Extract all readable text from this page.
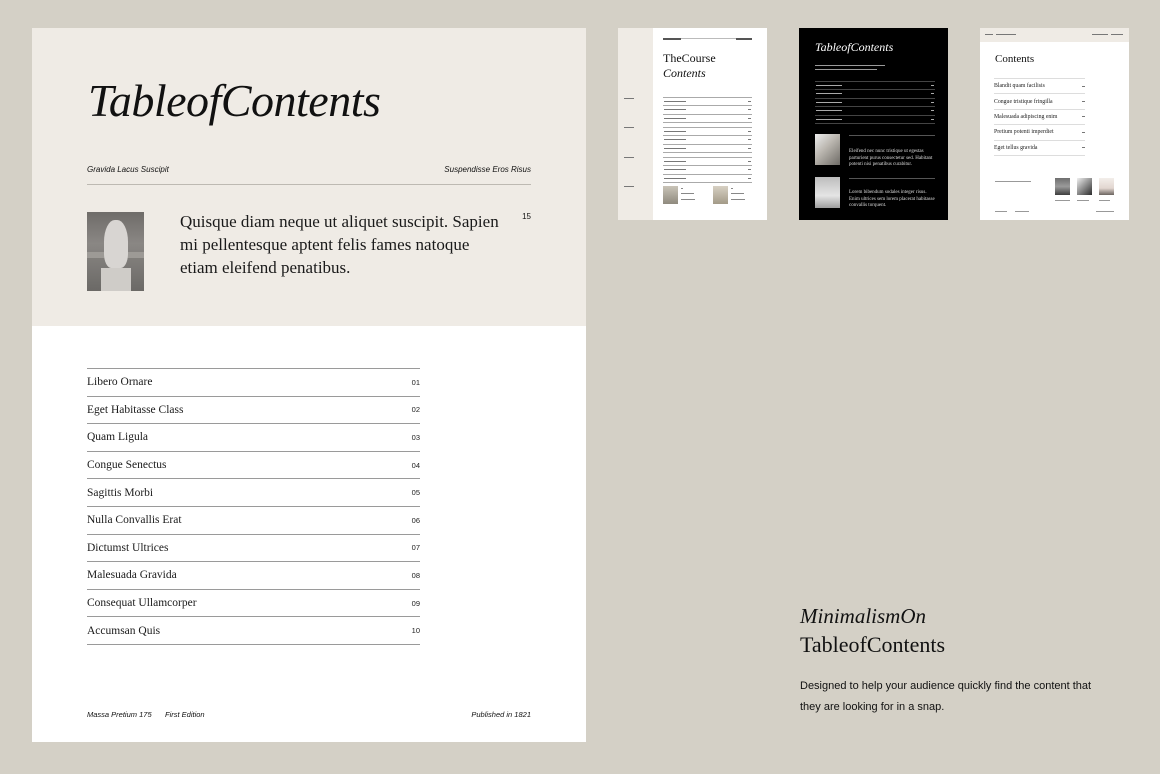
TableofContents
Gravida Lacus Suscipit	Suspendisse Eros Risus
Quisque diam neque ut aliquet suscipit. Sapien mi pellentesque aptent felis fames natoque etiam eleifend penatibus.
15
Libero Ornare	01
Eget Habitasse Class	02
Quam Ligula	03
Congue Senectus	04
Sagittis Morbi	05
Nulla Convallis Erat	06
Dictumst Ultrices	07
Malesuada Gravida	08
Consequat Ullamcorper	09
Accumsan Quis	10
Massa Pretium 175 First Edition	Published in 1821
TheCourse
Contents
TableofContents
Eleifend nec nunc tristique ut egestas parturient purus consectetur sed. Habitant potenti nisi penatibus curabitur.
Lorem bibendum sodales integer risus. Enim ultrices sem lorem placerat habitasse convallis torquent.
Contents
Blandit quam facilisis
Congue tristique fringilla
Malesuada adipiscing enim
Pretium potenti imperdiet
Eget tellus gravida
MinimalismOn
TableofContents
Designed to help your audience quickly find the content that they are looking for in a snap.
